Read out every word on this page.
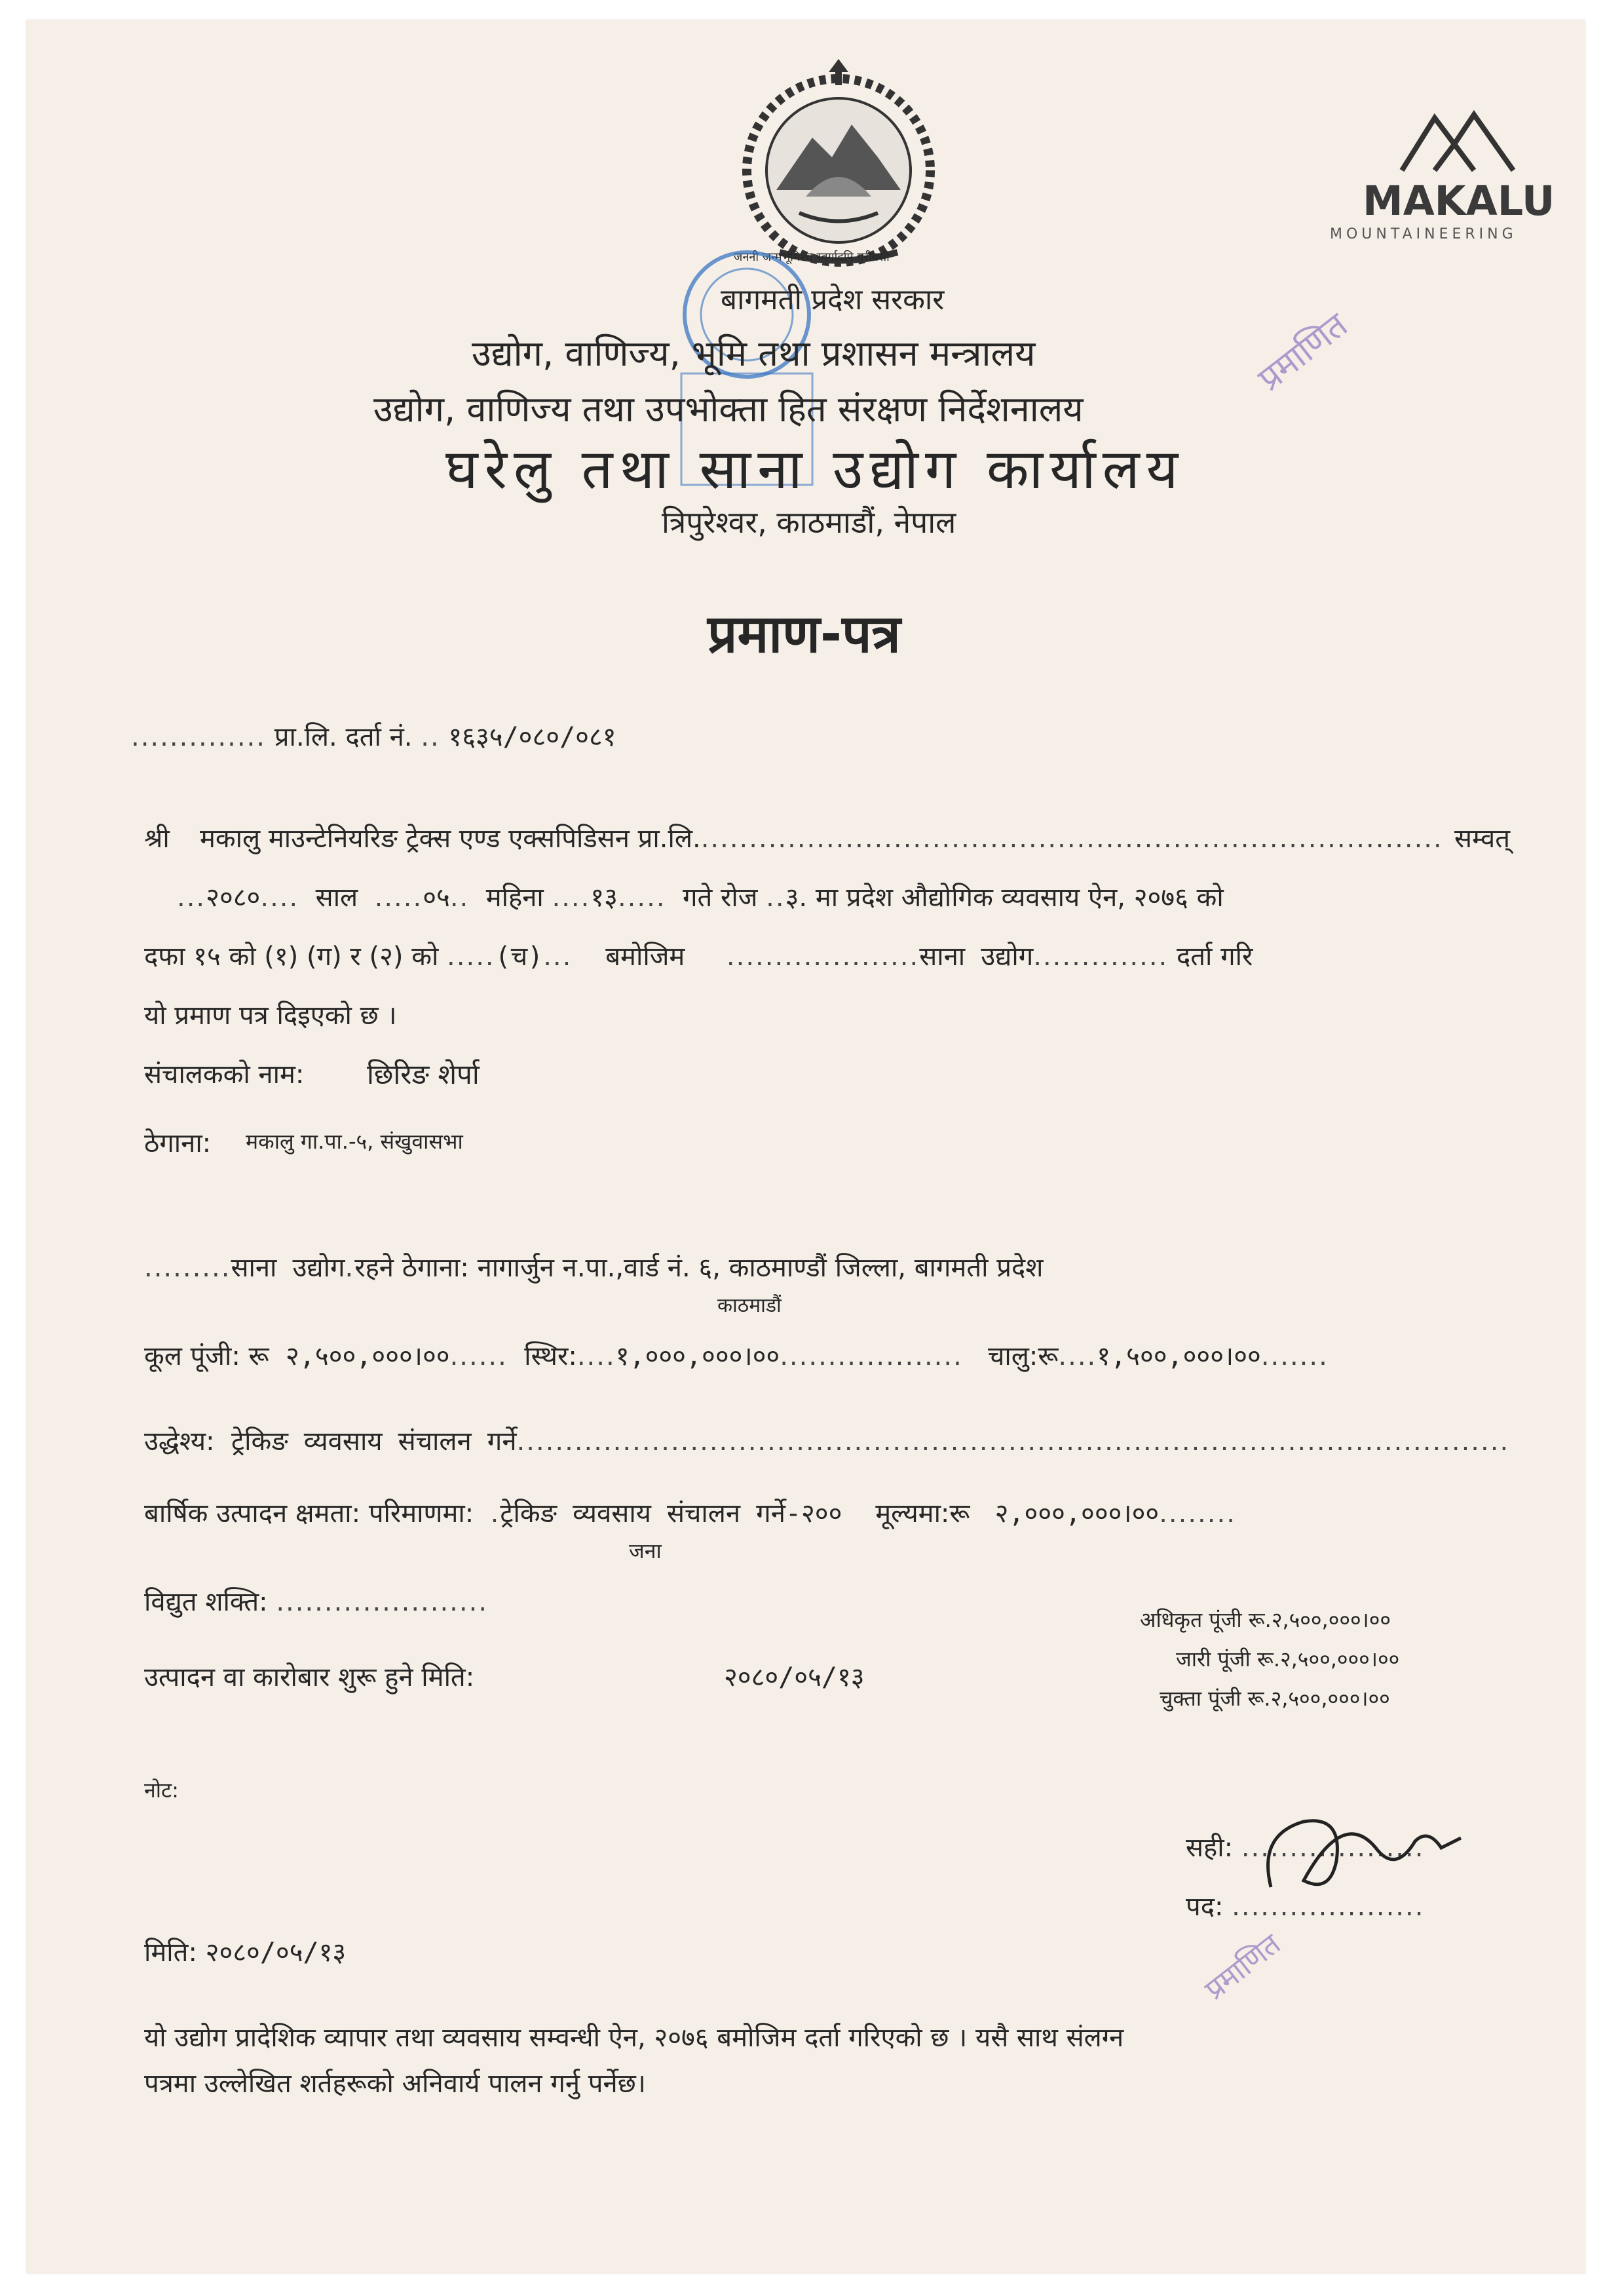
जननी जन्मभूमिश्च स्वर्गादपि गरीयसी
MAKALU
MOUNTAINEERING
प्रमाणित
प्रमाणित
बागमती प्रदेश सरकार
उद्योग, वाणिज्य, भूमि तथा प्रशासन मन्त्रालय
उद्योग, वाणिज्य तथा उपभोक्ता हित संरक्षण निर्देशनालय
घरेलु तथा साना उद्योग कार्यालय
त्रिपुरेश्वर, काठमाडौं, नेपाल
प्रमाण-पत्र
.............. प्रा.लि. दर्ता नं. .. १६३५/०८०/०८१
श्री मकालु माउन्टेनियरिङ ट्रेक्स एण्ड एक्सपिडिसन प्रा.लि.............................................................................. सम्वत्
...२०८०.... साल .....०५.. महिना ....१३..... गते रोज ..३. मा प्रदेश औद्योगिक व्यवसाय ऐन, २०७६ को
दफा १५ को (१) (ग) र (२) को .....(च)... बमोजिम ....................साना उद्योग.............. दर्ता गरि
यो प्रमाण पत्र दिइएको छ ।
संचालकको नाम: छिरिङ शेर्पा
ठेगाना: मकालु गा.पा.-५, संखुवासभा
.........साना उद्योग.रहने ठेगाना: नागार्जुन न.पा.,वार्ड नं. ६, काठमाण्डौं जिल्ला, बागमती प्रदेश
काठमाडौं
कूल पूंजी: रू २,५००,०००।००...... स्थिर:....१,०००,०००।००................... चालु:रू....१,५००,०००।००.......
उद्धेश्य: ट्रेकिङ व्यवसाय संचालन गर्ने.......................................................................................................
बार्षिक उत्पादन क्षमता: परिमाणमा: .ट्रेकिङ व्यवसाय संचालन गर्ने-२०० मूल्यमा:रू २,०००,०००।००........
जना
विद्युत शक्ति: ......................
अधिकृत पूंजी रू.२,५००,०००।००
जारी पूंजी रू.२,५००,०००।००
चुक्ता पूंजी रू.२,५००,०००।००
उत्पादन वा कारोबार शुरू हुने मिति:	२०८०/०५/१३
नोट:
सही: ...................
पद: ....................
मिति: २०८०/०५/१३
यो उद्योग प्रादेशिक व्यापार तथा व्यवसाय सम्वन्धी ऐन, २०७६ बमोजिम दर्ता गरिएको छ । यसै साथ संलग्न
पत्रमा उल्लेखित शर्तहरूको अनिवार्य पालन गर्नु पर्नेछ।
